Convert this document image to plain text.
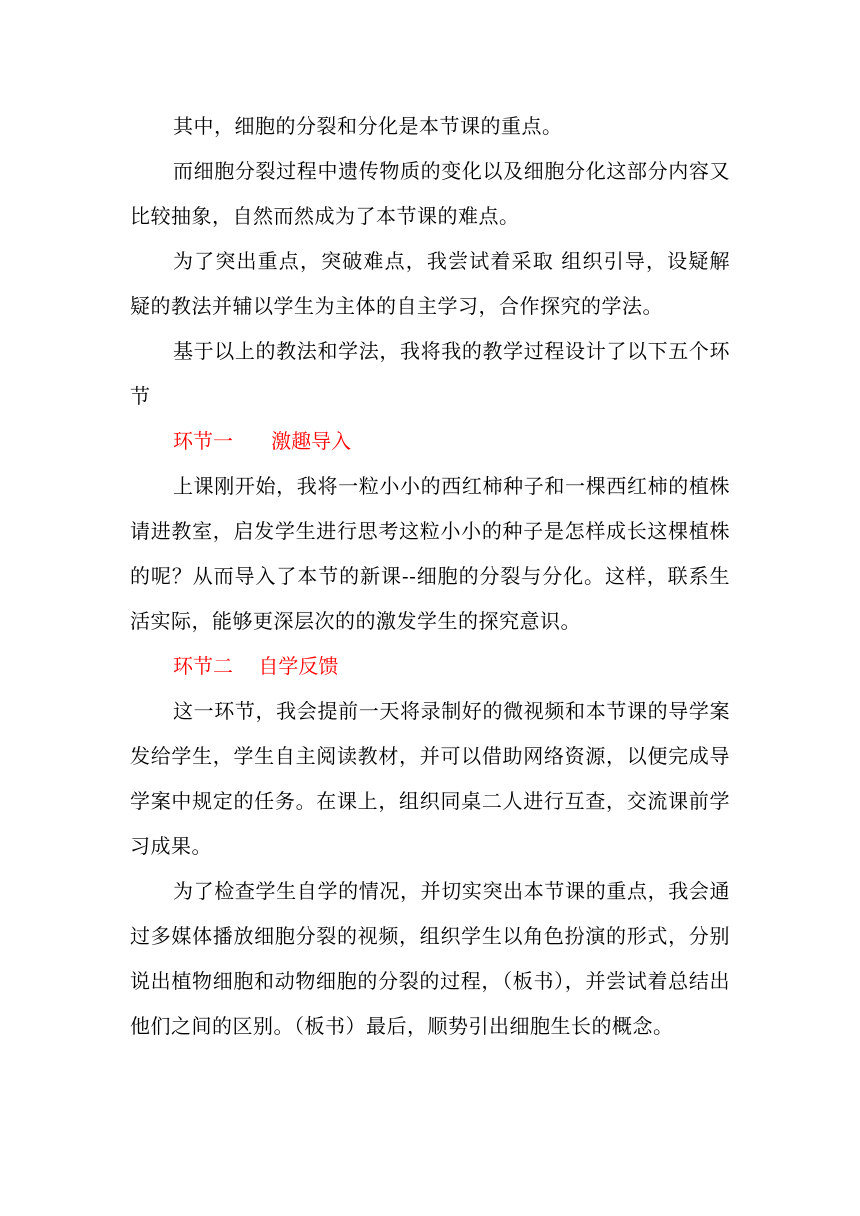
其中，细胞的分裂和分化是本节课的重点。

而细胞分裂过程中遗传物质的变化以及细胞分化这部分内容又比较抽象，自然而然成为了本节课的难点。

为了突出重点，突破难点，我尝试着采取 组织引导，设疑解疑的教法并辅以学生为主体的自主学习，合作探究的学法。

基于以上的教法和学法，我将我的教学过程设计了以下五个环节

环节一      激趣导入

上课刚开始，我将一粒小小的西红柿种子和一棵西红柿的植株请进教室，启发学生进行思考这粒小小的种子是怎样成长这棵植株的呢？从而导入了本节的新课--细胞的分裂与分化。这样，联系生活实际，能够更深层次的的激发学生的探究意识。

环节二    自学反馈

这一环节，我会提前一天将录制好的微视频和本节课的导学案发给学生，学生自主阅读教材，并可以借助网络资源，以便完成导学案中规定的任务。在课上，组织同桌二人进行互查，交流课前学习成果。

为了检查学生自学的情况，并切实突出本节课的重点，我会通过多媒体播放细胞分裂的视频，组织学生以角色扮演的形式，分别说出植物细胞和动物细胞的分裂的过程，（板书），并尝试着总结出他们之间的区别。（板书）最后，顺势引出细胞生长的概念。
